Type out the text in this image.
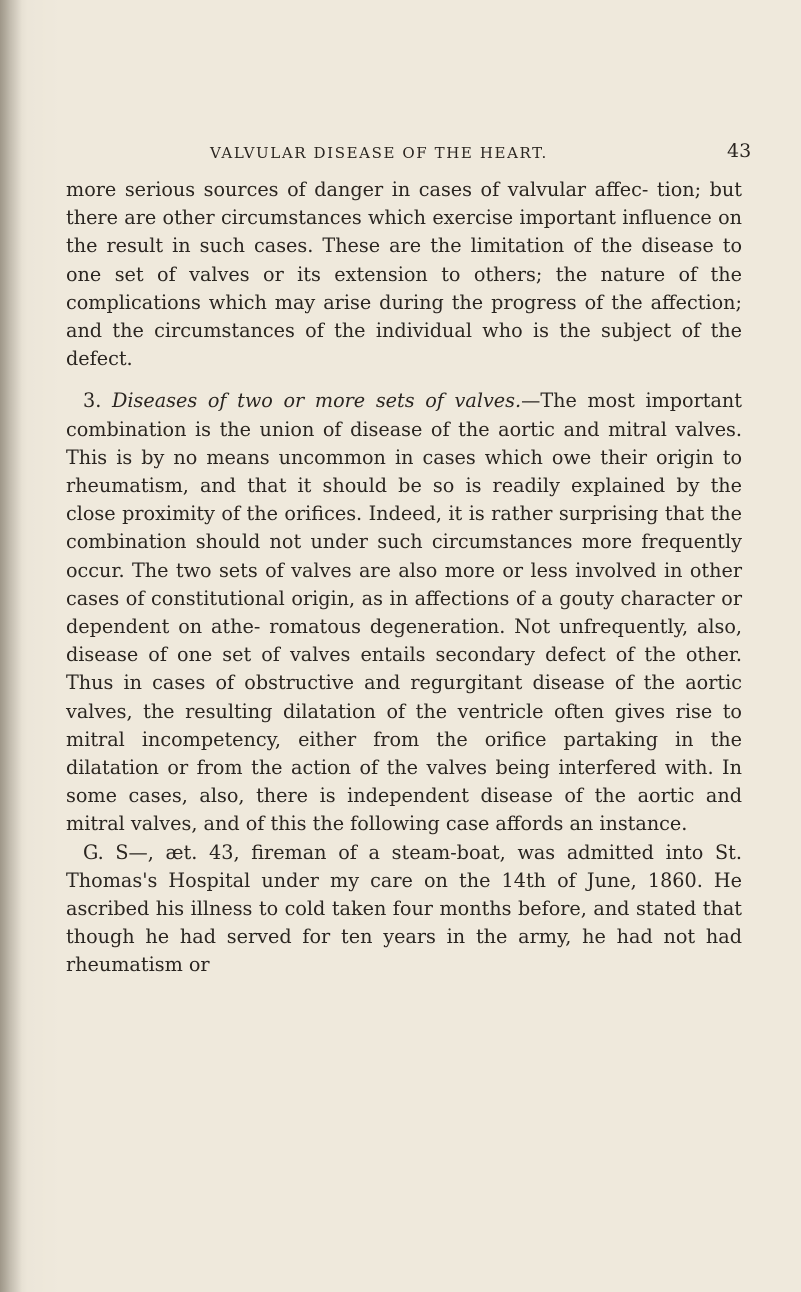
VALVULAR DISEASE OF THE HEART.	43

more serious sources of danger in cases of valvular affec- tion; but there are other circumstances which exercise important influence on the result in such cases. These are the limitation of the disease to one set of valves or its extension to others; the nature of the complications which may arise during the progress of the affection; and the circumstances of the individual who is the subject of the defect.

3. Diseases of two or more sets of valves.—The most important combination is the union of disease of the aortic and mitral valves. This is by no means uncommon in cases which owe their origin to rheumatism, and that it should be so is readily explained by the close proximity of the orifices. Indeed, it is rather surprising that the combination should not under such circumstances more frequently occur. The two sets of valves are also more or less involved in other cases of constitutional origin, as in affections of a gouty character or dependent on athe- romatous degeneration. Not unfrequently, also, disease of one set of valves entails secondary defect of the other. Thus in cases of obstructive and regurgitant disease of the aortic valves, the resulting dilatation of the ventricle often gives rise to mitral incompetency, either from the orifice partaking in the dilatation or from the action of the valves being interfered with. In some cases, also, there is independent disease of the aortic and mitral valves, and of this the following case affords an instance.

G. S—, æt. 43, fireman of a steam-boat, was admitted into St. Thomas's Hospital under my care on the 14th of June, 1860. He ascribed his illness to cold taken four months before, and stated that though he had served for ten years in the army, he had not had rheumatism or
